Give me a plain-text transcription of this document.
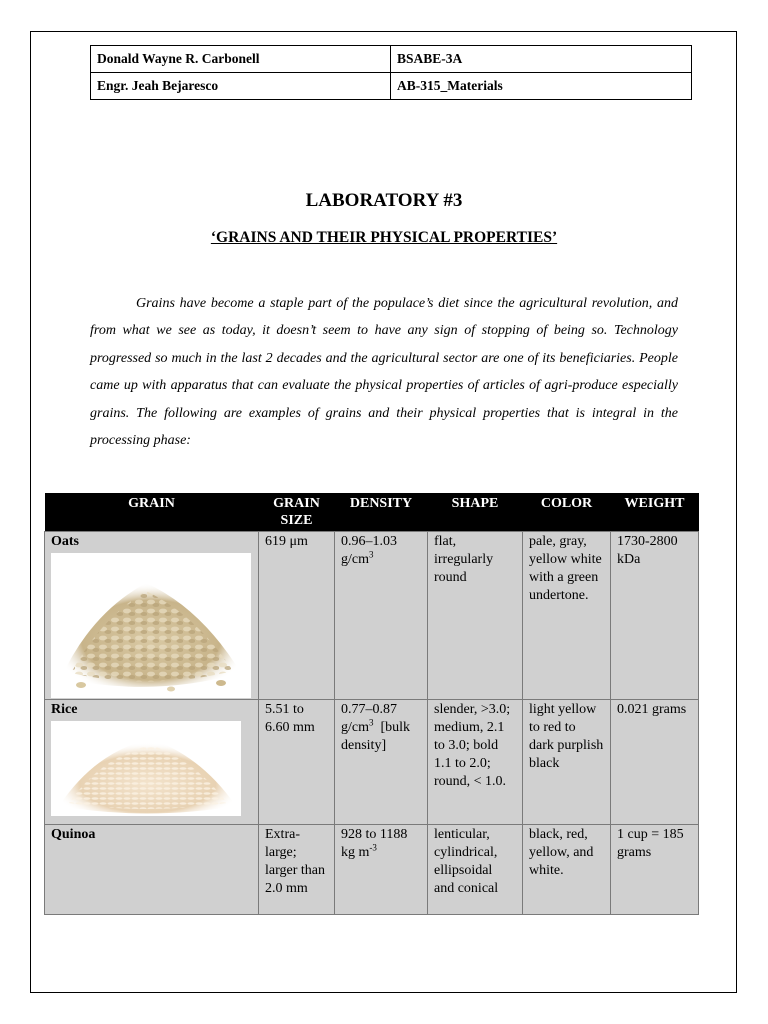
Donald Wayne R. Carbonell	BSABE-3A
Engr. Jeah Bejaresco	AB-315_Materials
LABORATORY #3
‘GRAINS AND THEIR PHYSICAL PROPERTIES’

Grains have become a staple part of the populace’s diet since the agricultural revolution, and from what we see as today, it doesn’t seem to have any sign of stopping of being so. Technology progressed so much in the last 2 decades and the agricultural sector are one of its beneficiaries. People came up with apparatus that can evaluate the physical properties of articles of agri-produce especially grains. The following are examples of grains and their physical properties that is integral in the processing phase:

GRAIN	GRAIN SIZE	DENSITY	SHAPE	COLOR	WEIGHT

Oats	619 μm	0.96–1.03 $g/cm^3$	flat, irregularly round	pale, gray, yellow white with a green undertone.	1730-2800 kDa

Rice	5.51 to 6.60 mm	0.77–0.87 $g/cm^3$ [bulk density]	slender, >3.0; medium, 2.1 to 3.0; bold 1.1 to 2.0; round, < 1.0.	light yellow to red to dark purplish black	0.021 grams

Quinoa	Extra-large; larger than 2.0 mm	928 to 1188 kg $m^{-3}$	lenticular, cylindrical, ellipsoidal and conical	black, red, yellow, and white.	1 cup = 185 grams
